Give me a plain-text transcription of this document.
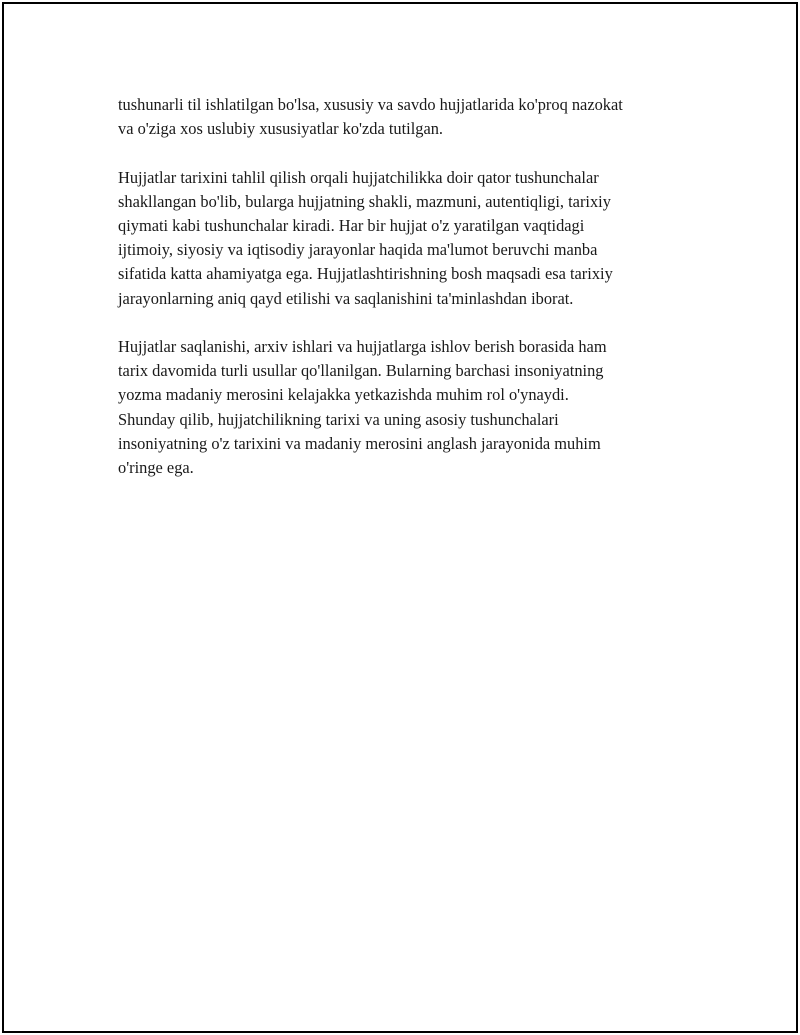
tushunarli til ishlatilgan bo'lsa, xususiy va savdo hujjatlarida ko'proq nazokat
va o'ziga xos uslubiy xususiyatlar ko'zda tutilgan.

Hujjatlar tarixini tahlil qilish orqali hujjatchilikka doir qator tushunchalar
shakllangan bo'lib, bularga hujjatning shakli, mazmuni, autentiqligi, tarixiy
qiymati kabi tushunchalar kiradi. Har bir hujjat o'z yaratilgan vaqtidagi
ijtimoiy, siyosiy va iqtisodiy jarayonlar haqida ma'lumot beruvchi manba
sifatida katta ahamiyatga ega. Hujjatlashtirishning bosh maqsadi esa tarixiy
jarayonlarning aniq qayd etilishi va saqlanishini ta'minlashdan iborat.

Hujjatlar saqlanishi, arxiv ishlari va hujjatlarga ishlov berish borasida ham
tarix davomida turli usullar qo'llanilgan. Bularning barchasi insoniyatning
yozma madaniy merosini kelajakka yetkazishda muhim rol o'ynaydi.
Shunday qilib, hujjatchilikning tarixi va uning asosiy tushunchalari
insoniyatning o'z tarixini va madaniy merosini anglash jarayonida muhim
o'ringe ega.
